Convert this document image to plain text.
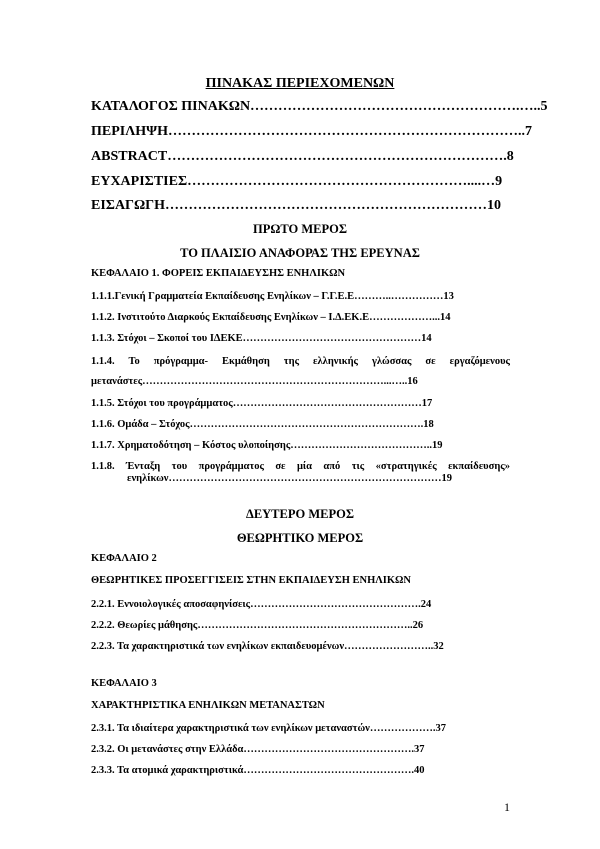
ΠΙΝΑΚΑΣ ΠΕΡΙΕΧΟΜΕΝΩΝ
ΚΑΤΑΛΟΓΟΣ ΠΙΝΑΚΩΝ………………………………………………….…..5
ΠΕΡΙΛΗΨΗ…………………………………………………………………..7
ABSTRACT……………………………………………………………….8
ΕΥΧΑΡΙΣΤΙΕΣ……………………………………………………....…9
ΕΙΣΑΓΩΓΗ……………………………………………………………10
ΠΡΩΤΟ ΜΕΡΟΣ
ΤΟ ΠΛΑΙΣΙΟ ΑΝΑΦΟΡΑΣ ΤΗΣ ΕΡΕΥΝΑΣ
ΚΕΦΑΛΑΙΟ 1. ΦΟΡΕΙΣ ΕΚΠΑΙΔΕΥΣΗΣ ΕΝΗΛΙΚΩΝ
1.1.1.Γενική Γραμματεία Εκπαίδευσης Ενηλίκων – Γ.Γ.Ε.Ε………..……………13
1.1.2. Ινστιτούτο Διαρκούς Εκπαίδευσης Ενηλίκων – Ι.Δ.ΕΚ.Ε………………...14
1.1.3. Στόχοι – Σκοποί του ΙΔΕΚΕ……………………………………………14
1.1.4. Το πρόγραμμα- Εκμάθηση της ελληνικής γλώσσας σε εργαζόμενους
μετανάστες……………………………………………………………...…..16
1.1.5. Στόχοι του προγράμματος………………………………………………17
1.1.6. Ομάδα – Στόχος………………………………………………………….18
1.1.7. Χρηματοδότηση – Κόστος υλοποίησης…………………………………..19
1.1.8. Ένταξη του προγράμματος σε μία από τις «στρατηγικές εκπαίδευσης»
ενηλίκων……………………………………………………………………19
ΔΕΥΤΕΡΟ ΜΕΡΟΣ
ΘΕΩΡΗΤΙΚΟ ΜΕΡΟΣ
ΚΕΦΑΛΑΙΟ 2
ΘΕΩΡΗΤΙΚΕΣ ΠΡΟΣΕΓΓΙΣΕΙΣ ΣΤΗΝ ΕΚΠΑΙΔΕΥΣΗ ΕΝΗΛΙΚΩΝ
2.2.1. Εννοιολογικές αποσαφηνίσεις………………………………………….24
2.2.2. Θεωρίες μάθησης……………………………………………………..26
2.2.3. Τα χαρακτηριστικά των ενηλίκων εκπαιδευομένων……………………..32
ΚΕΦΑΛΑΙΟ 3
ΧΑΡΑΚΤΗΡΙΣΤΙΚΑ ΕΝΗΛΙΚΩΝ ΜΕΤΑΝΑΣΤΩΝ
2.3.1. Τα ιδιαίτερα χαρακτηριστικά των ενηλίκων μεταναστών……………….37
2.3.2. Οι μετανάστες στην Ελλάδα………………………………………….37
2.3.3. Τα ατομικά χαρακτηριστικά………………………………………….40
1
